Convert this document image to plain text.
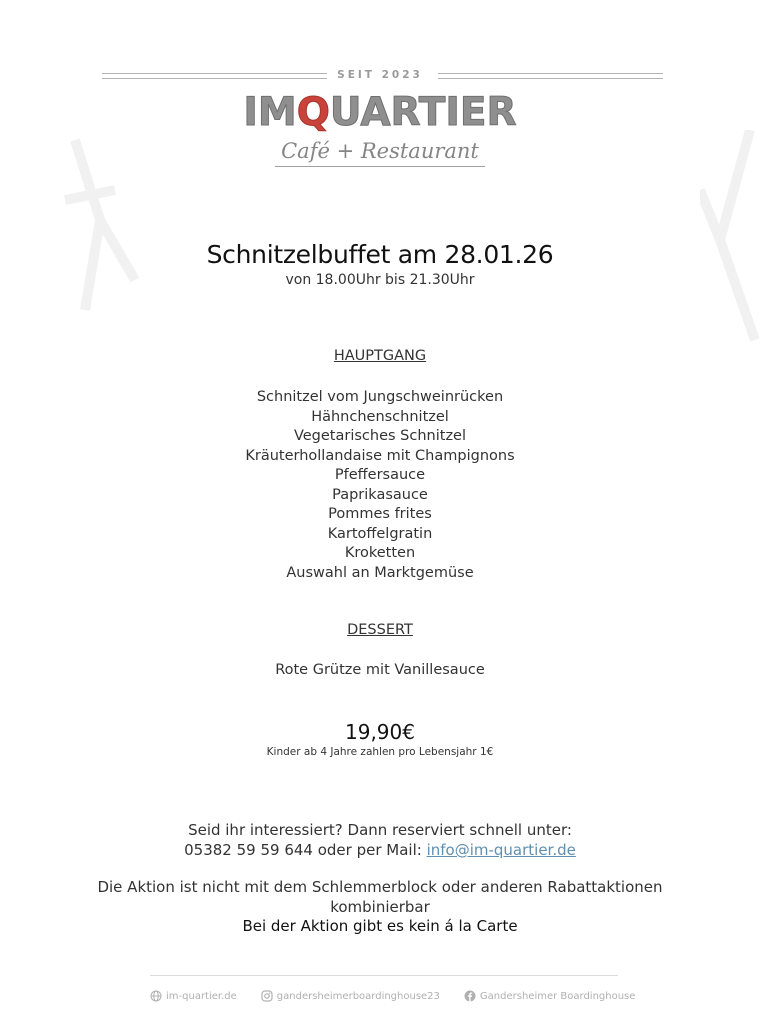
SEIT 2023
IMQUARTIER
Café + Restaurant
Schnitzelbuffet am 28.01.26
von 18.00Uhr bis 21.30Uhr
HAUPTGANG
Schnitzel vom Jungschweinrücken
Hähnchenschnitzel
Vegetarisches Schnitzel
Kräuterhollandaise mit Champignons
Pfeffersauce
Paprikasauce
Pommes frites
Kartoffelgratin
Kroketten
Auswahl an Marktgemüse
DESSERT
Rote Grütze mit Vanillesauce
19,90€
Kinder ab 4 Jahre zahlen pro Lebensjahr 1€
Seid ihr interessiert? Dann reserviert schnell unter:
05382 59 59 644 oder per Mail: info@im-quartier.de
Die Aktion ist nicht mit dem Schlemmerblock oder anderen Rabattaktionen
kombinierbar
Bei der Aktion gibt es kein á la Carte
im-quartier.de	gandersheimerboardinghouse23	Gandersheimer Boardinghouse
